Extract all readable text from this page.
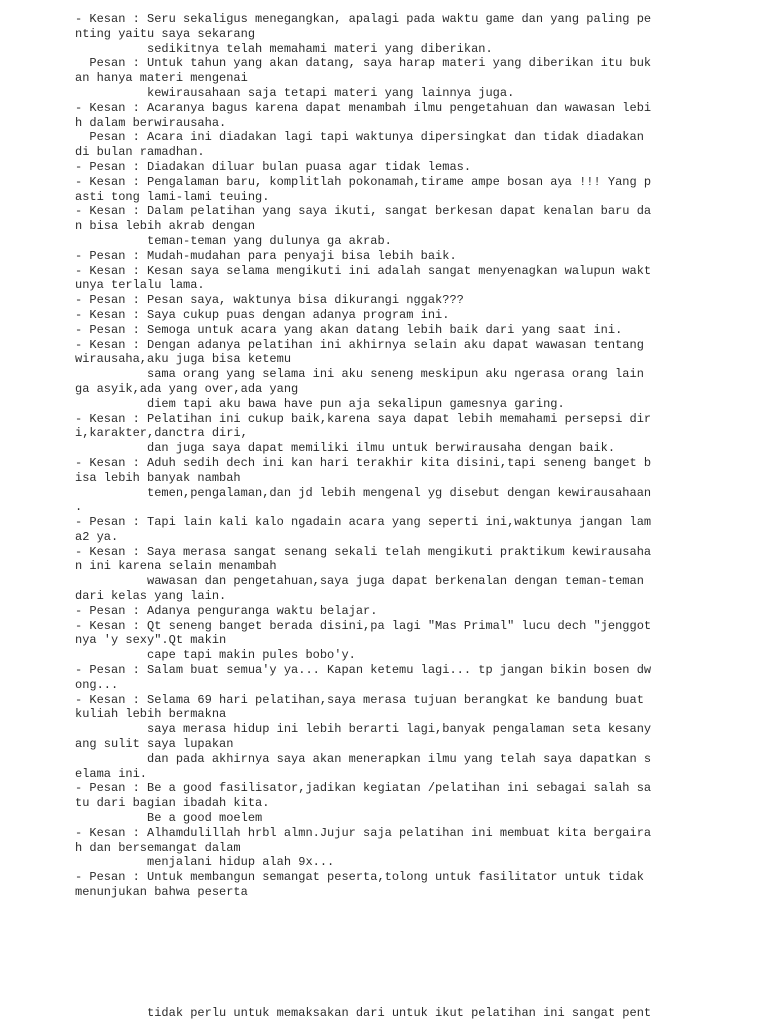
- Kesan : Seru sekaligus menegangkan, apalagi pada waktu game dan yang paling pe
nting yaitu saya sekarang
sedikitnya telah memahami materi yang diberikan.
Pesan : Untuk tahun yang akan datang, saya harap materi yang diberikan itu buk
an hanya materi mengenai
kewirausahaan saja tetapi materi yang lainnya juga.
- Kesan : Acaranya bagus karena dapat menambah ilmu pengetahuan dan wawasan lebi
h dalam berwirausaha.
Pesan : Acara ini diadakan lagi tapi waktunya dipersingkat dan tidak diadakan
di bulan ramadhan.
- Pesan : Diadakan diluar bulan puasa agar tidak lemas.
- Kesan : Pengalaman baru, komplitlah pokonamah,tirame ampe bosan aya !!! Yang p
asti tong lami-lami teuing.
- Kesan : Dalam pelatihan yang saya ikuti, sangat berkesan dapat kenalan baru da
n bisa lebih akrab dengan
teman-teman yang dulunya ga akrab.
- Pesan : Mudah-mudahan para penyaji bisa lebih baik.
- Kesan : Kesan saya selama mengikuti ini adalah sangat menyenagkan walupun wakt
unya terlalu lama.
- Pesan : Pesan saya, waktunya bisa dikurangi nggak???
- Kesan : Saya cukup puas dengan adanya program ini.
- Pesan : Semoga untuk acara yang akan datang lebih baik dari yang saat ini.
- Kesan : Dengan adanya pelatihan ini akhirnya selain aku dapat wawasan tentang
wirausaha,aku juga bisa ketemu
sama orang yang selama ini aku seneng meskipun aku ngerasa orang lain
ga asyik,ada yang over,ada yang
diem tapi aku bawa have pun aja sekalipun gamesnya garing.
- Kesan : Pelatihan ini cukup baik,karena saya dapat lebih memahami persepsi dir
i,karakter,danctra diri,
dan juga saya dapat memiliki ilmu untuk berwirausaha dengan baik.
- Kesan : Aduh sedih dech ini kan hari terakhir kita disini,tapi seneng banget b
isa lebih banyak nambah
temen,pengalaman,dan jd lebih mengenal yg disebut dengan kewirausahaan
.
- Pesan : Tapi lain kali kalo ngadain acara yang seperti ini,waktunya jangan lam
a2 ya.
- Kesan : Saya merasa sangat senang sekali telah mengikuti praktikum kewirausaha
n ini karena selain menambah
wawasan dan pengetahuan,saya juga dapat berkenalan dengan teman-teman
dari kelas yang lain.
- Pesan : Adanya penguranga waktu belajar.
- Kesan : Qt seneng banget berada disini,pa lagi "Mas Primal" lucu dech "jenggot
nya 'y sexy".Qt makin
cape tapi makin pules bobo'y.
- Pesan : Salam buat semua'y ya... Kapan ketemu lagi... tp jangan bikin bosen dw
ong...
- Kesan : Selama 69 hari pelatihan,saya merasa tujuan berangkat ke bandung buat
kuliah lebih bermakna
saya merasa hidup ini lebih berarti lagi,banyak pengalaman seta kesany
ang sulit saya lupakan
dan pada akhirnya saya akan menerapkan ilmu yang telah saya dapatkan s
elama ini.
- Pesan : Be a good fasilisator,jadikan kegiatan /pelatihan ini sebagai salah sa
tu dari bagian ibadah kita.
Be a good moelem
- Kesan : Alhamdulillah hrbl almn.Jujur saja pelatihan ini membuat kita bergaira
h dan bersemangat dalam
menjalani hidup alah 9x...
- Pesan : Untuk membangun semangat peserta,tolong untuk fasilitator untuk tidak
menunjukan bahwa peserta
tidak perlu untuk memaksakan dari untuk ikut pelatihan ini sangat pent
